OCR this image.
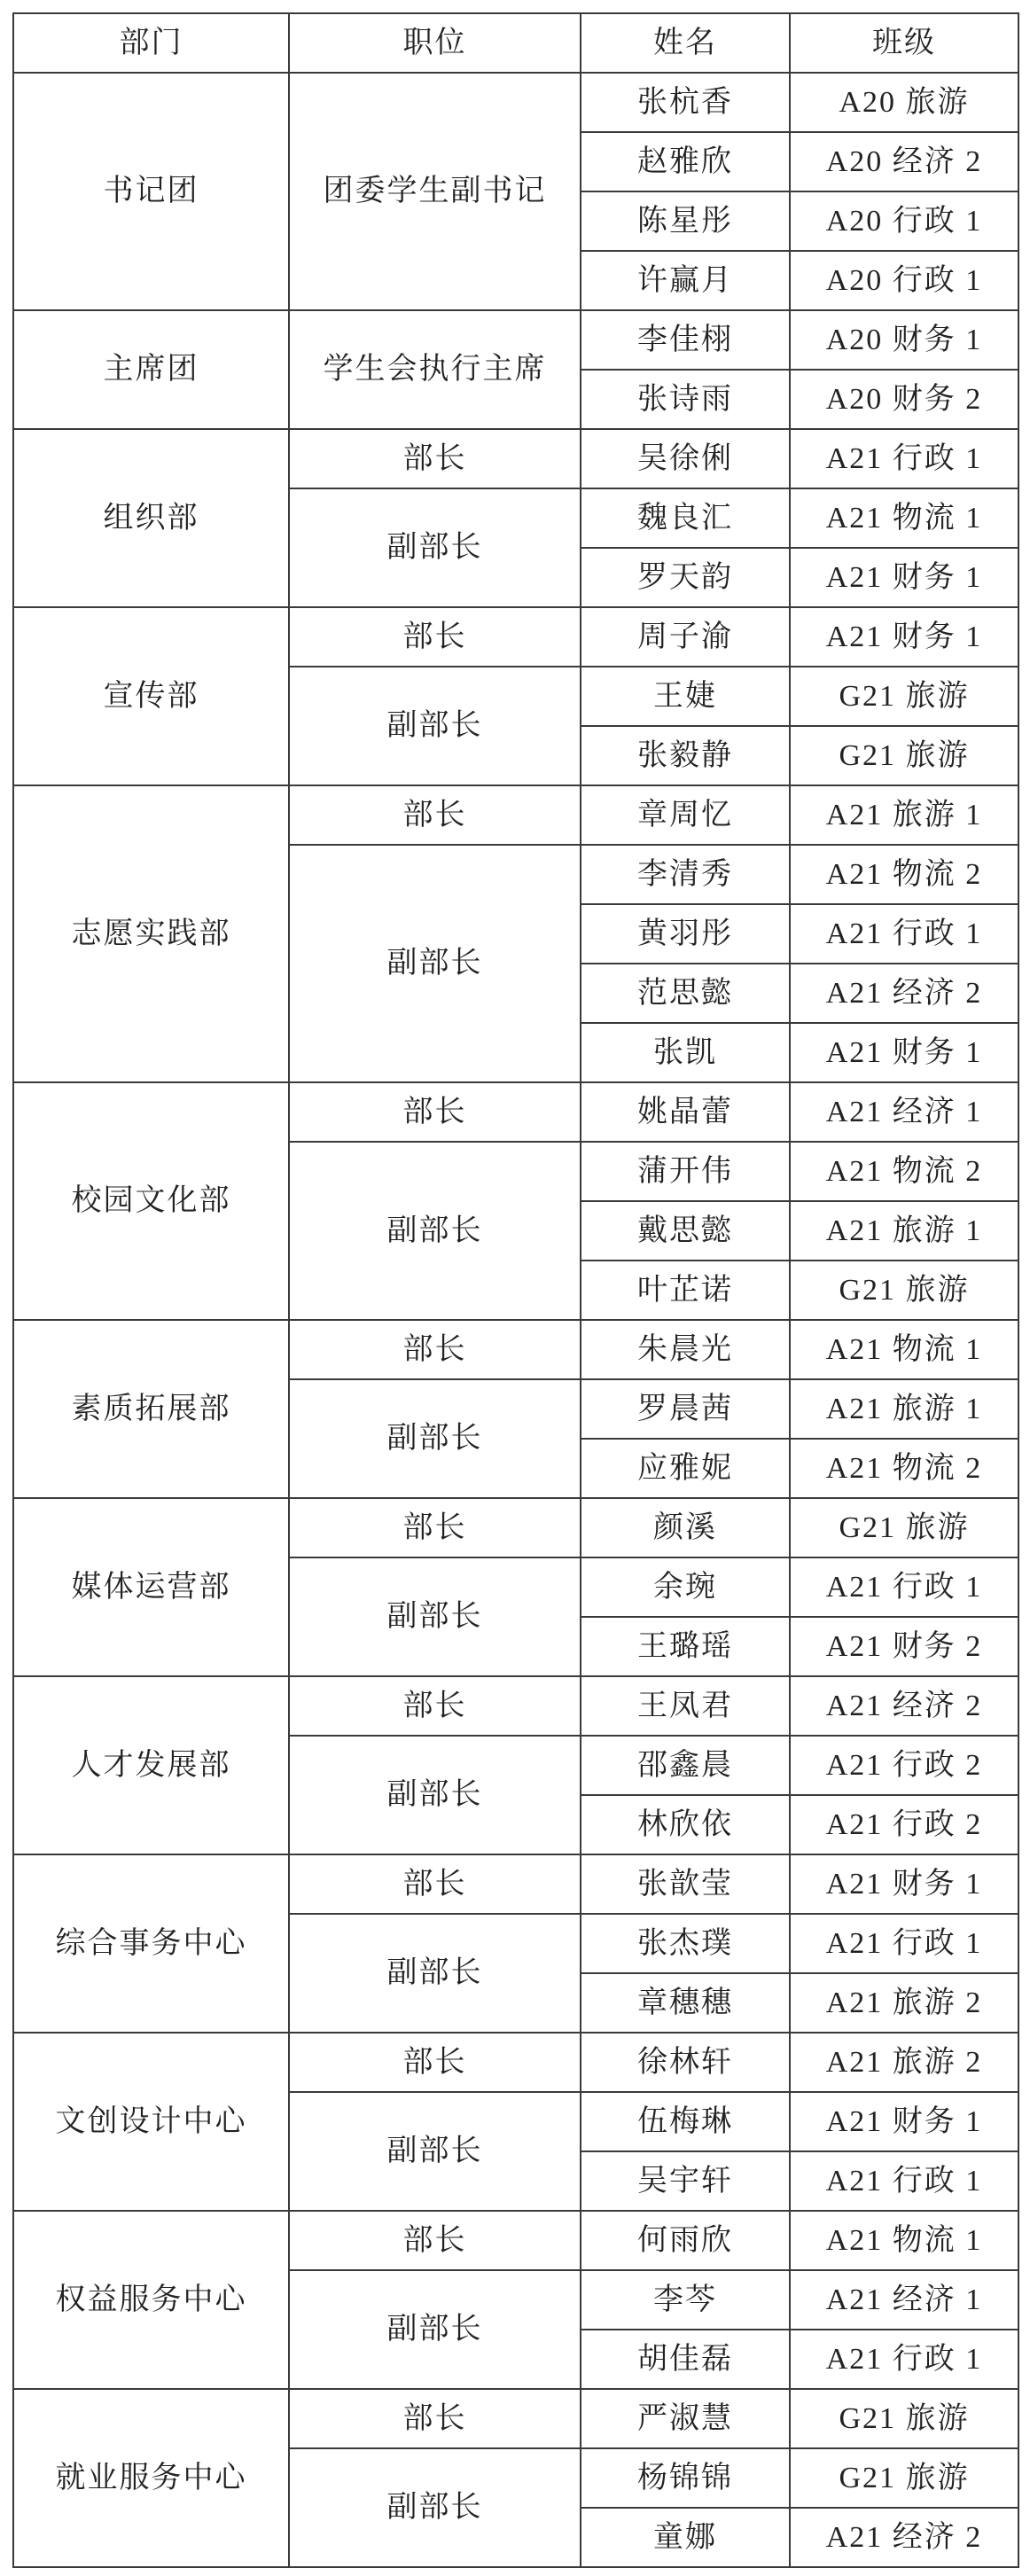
部门	职位	姓名	班级
书记团	团委学生副书记	张杭香	A20 旅游
		赵雅欣	A20 经济 2
		陈星彤	A20 行政 1
		许赢月	A20 行政 1
主席团	学生会执行主席	李佳栩	A20 财务 1
		张诗雨	A20 财务 2
组织部	部长	吴徐俐	A21 行政 1
	副部长	魏良汇	A21 物流 1
		罗天韵	A21 财务 1
宣传部	部长	周子渝	A21 财务 1
	副部长	王婕	G21 旅游
		张毅静	G21 旅游
志愿实践部	部长	章周忆	A21 旅游 1
	副部长	李清秀	A21 物流 2
		黄羽彤	A21 行政 1
		范思懿	A21 经济 2
		张凯	A21 财务 1
校园文化部	部长	姚晶蕾	A21 经济 1
	副部长	蒲开伟	A21 物流 2
		戴思懿	A21 旅游 1
		叶芷诺	G21 旅游
素质拓展部	部长	朱晨光	A21 物流 1
	副部长	罗晨茜	A21 旅游 1
		应雅妮	A21 物流 2
媒体运营部	部长	颜溪	G21 旅游
	副部长	余琬	A21 行政 1
		王璐瑶	A21 财务 2
人才发展部	部长	王凤君	A21 经济 2
	副部长	邵鑫晨	A21 行政 2
		林欣依	A21 行政 2
综合事务中心	部长	张歆莹	A21 财务 1
	副部长	张杰璞	A21 行政 1
		章穗穗	A21 旅游 2
文创设计中心	部长	徐林轩	A21 旅游 2
	副部长	伍梅琳	A21 财务 1
		吴宇轩	A21 行政 1
权益服务中心	部长	何雨欣	A21 物流 1
	副部长	李芩	A21 经济 1
		胡佳磊	A21 行政 1
就业服务中心	部长	严淑慧	G21 旅游
	副部长	杨锦锦	G21 旅游
		童娜	A21 经济 2
